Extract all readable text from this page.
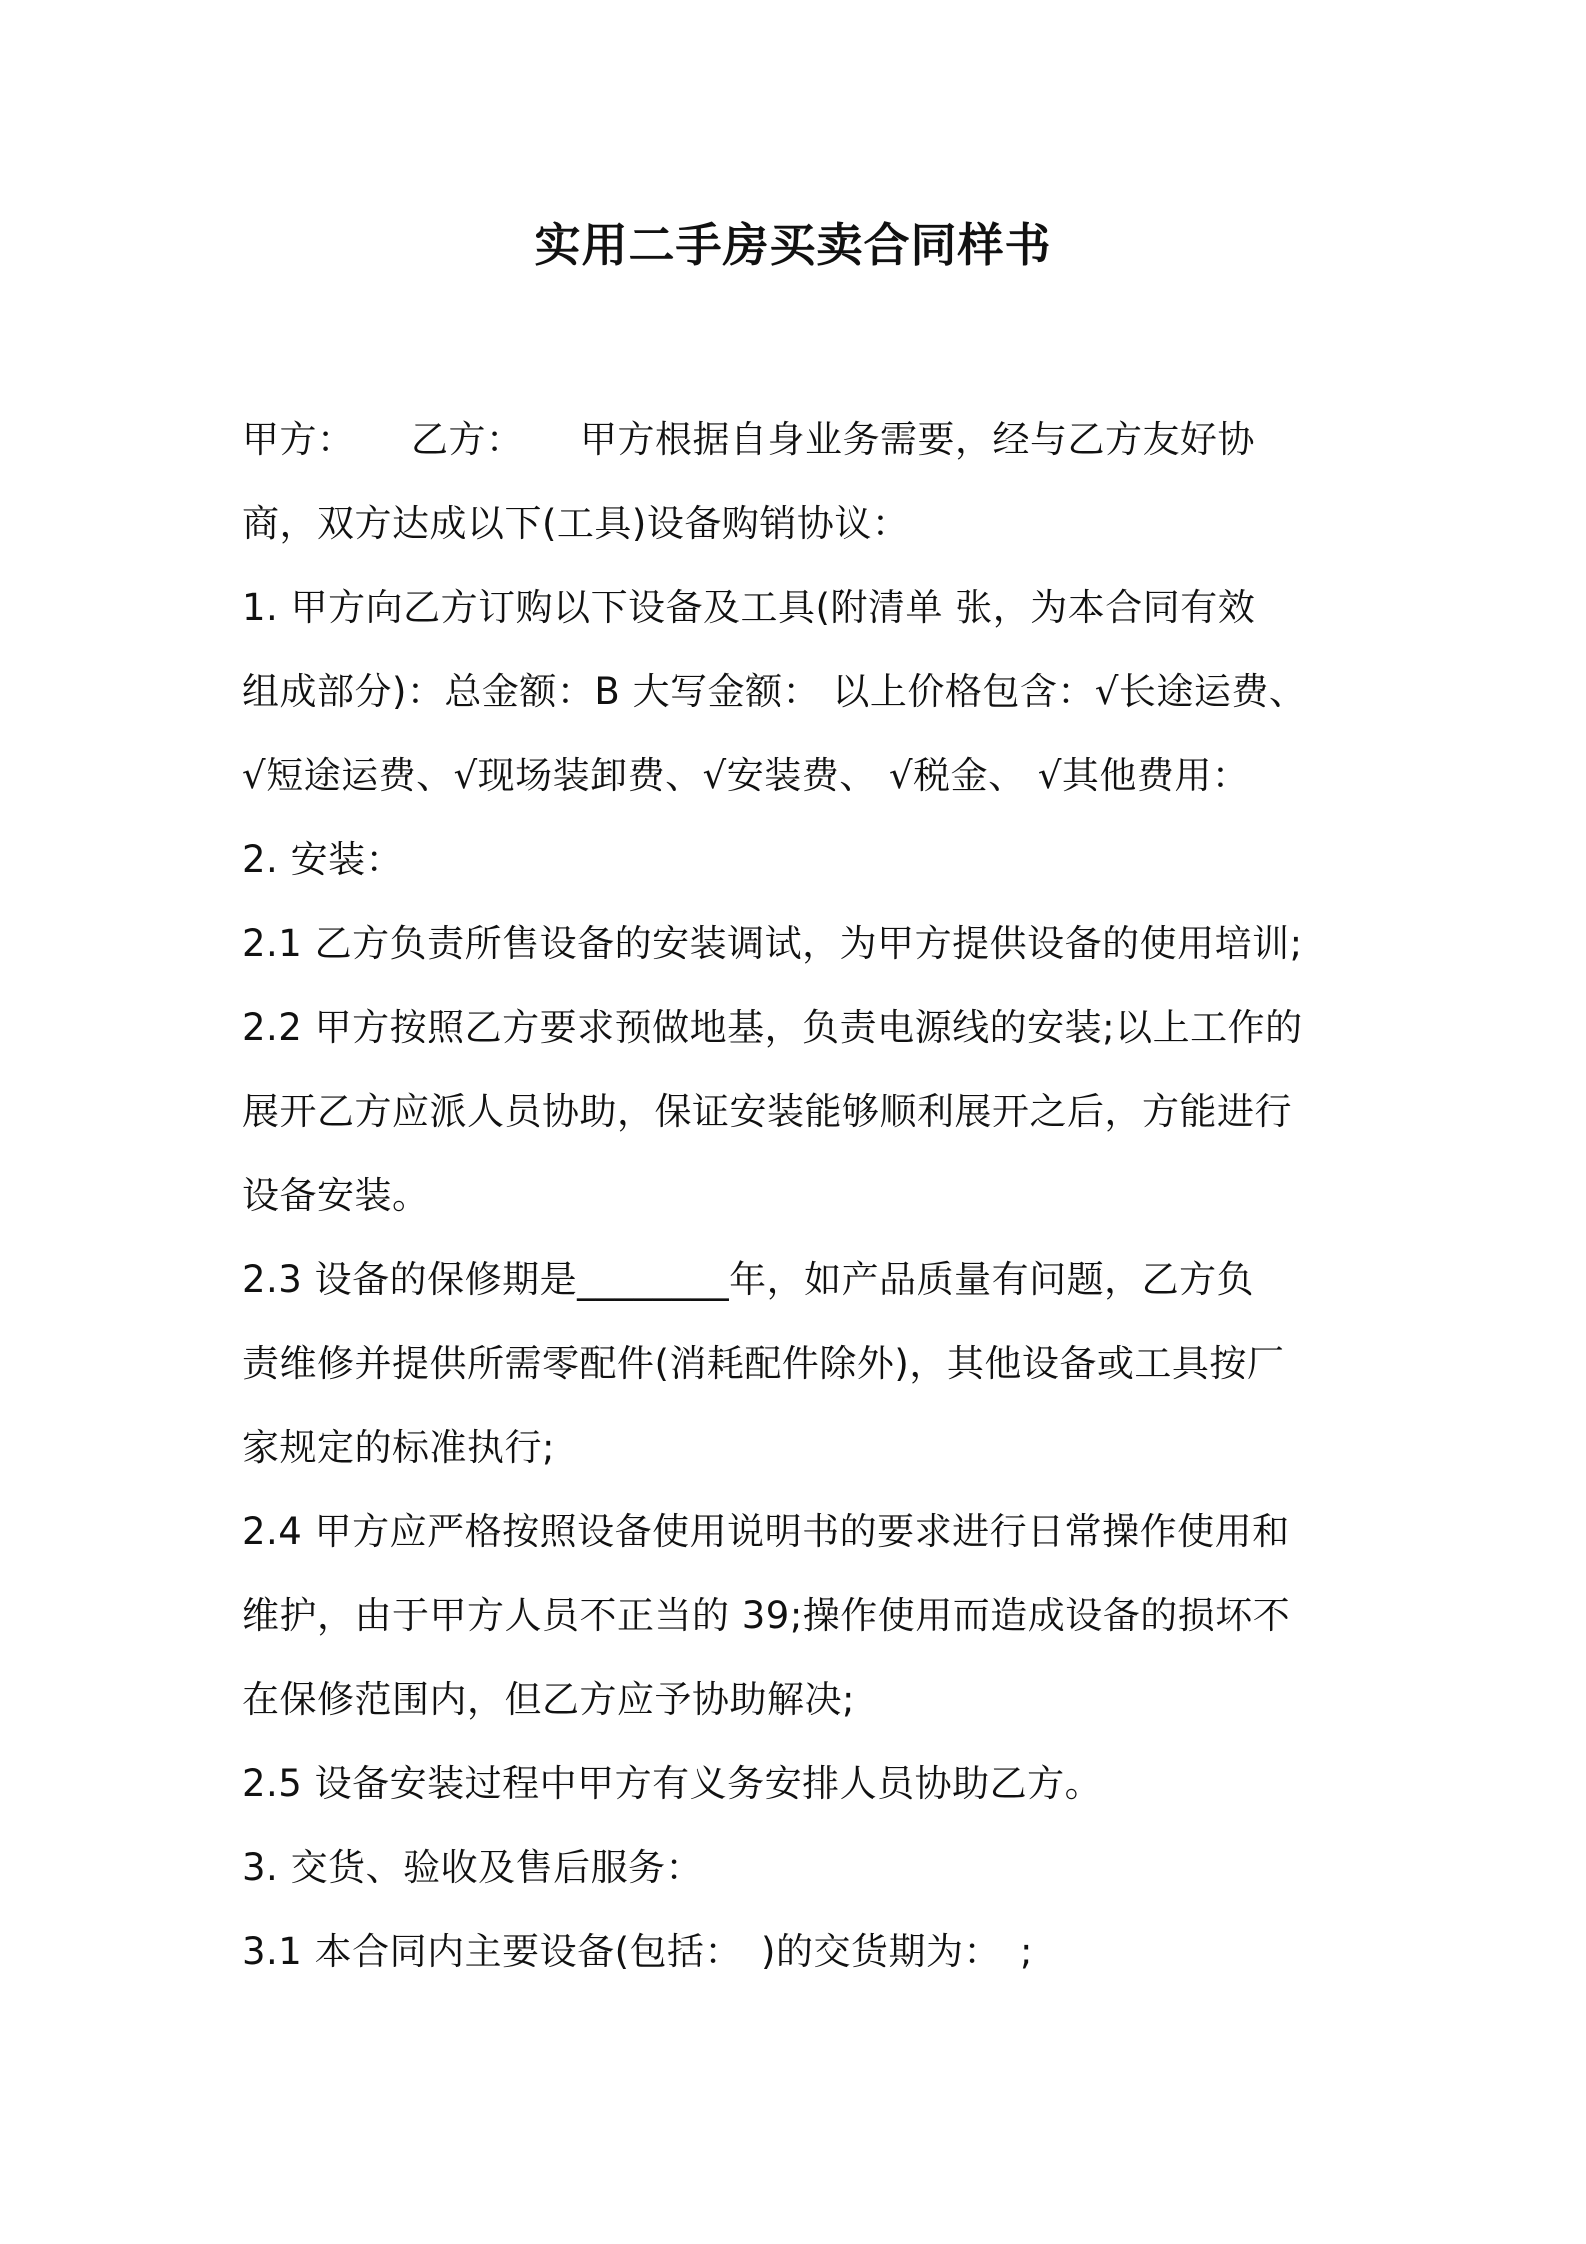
实用二手房买卖合同样书
甲方：　　乙方：　　甲方根据自身业务需要，经与乙方友好协
商，双方达成以下(工具)设备购销协议：
1. 甲方向乙方订购以下设备及工具(附清单 张，为本合同有效
组成部分)：总金额：B 大写金额： 以上价格包含：√长途运费、
√短途运费、√现场装卸费、√安装费、 √税金、 √其他费用：
2. 安装：
2.1 乙方负责所售设备的安装调试，为甲方提供设备的使用培训;
2.2 甲方按照乙方要求预做地基，负责电源线的安装;以上工作的
展开乙方应派人员协助，保证安装能够顺利展开之后，方能进行
设备安装。
2.3 设备的保修期是________年，如产品质量有问题，乙方负
责维修并提供所需零配件(消耗配件除外)，其他设备或工具按厂
家规定的标准执行;
2.4 甲方应严格按照设备使用说明书的要求进行日常操作使用和
维护，由于甲方人员不正当的 39;操作使用而造成设备的损坏不
在保修范围内，但乙方应予协助解决;
2.5 设备安装过程中甲方有义务安排人员协助乙方。
3. 交货、验收及售后服务：
3.1 本合同内主要设备(包括：　)的交货期为：　;
